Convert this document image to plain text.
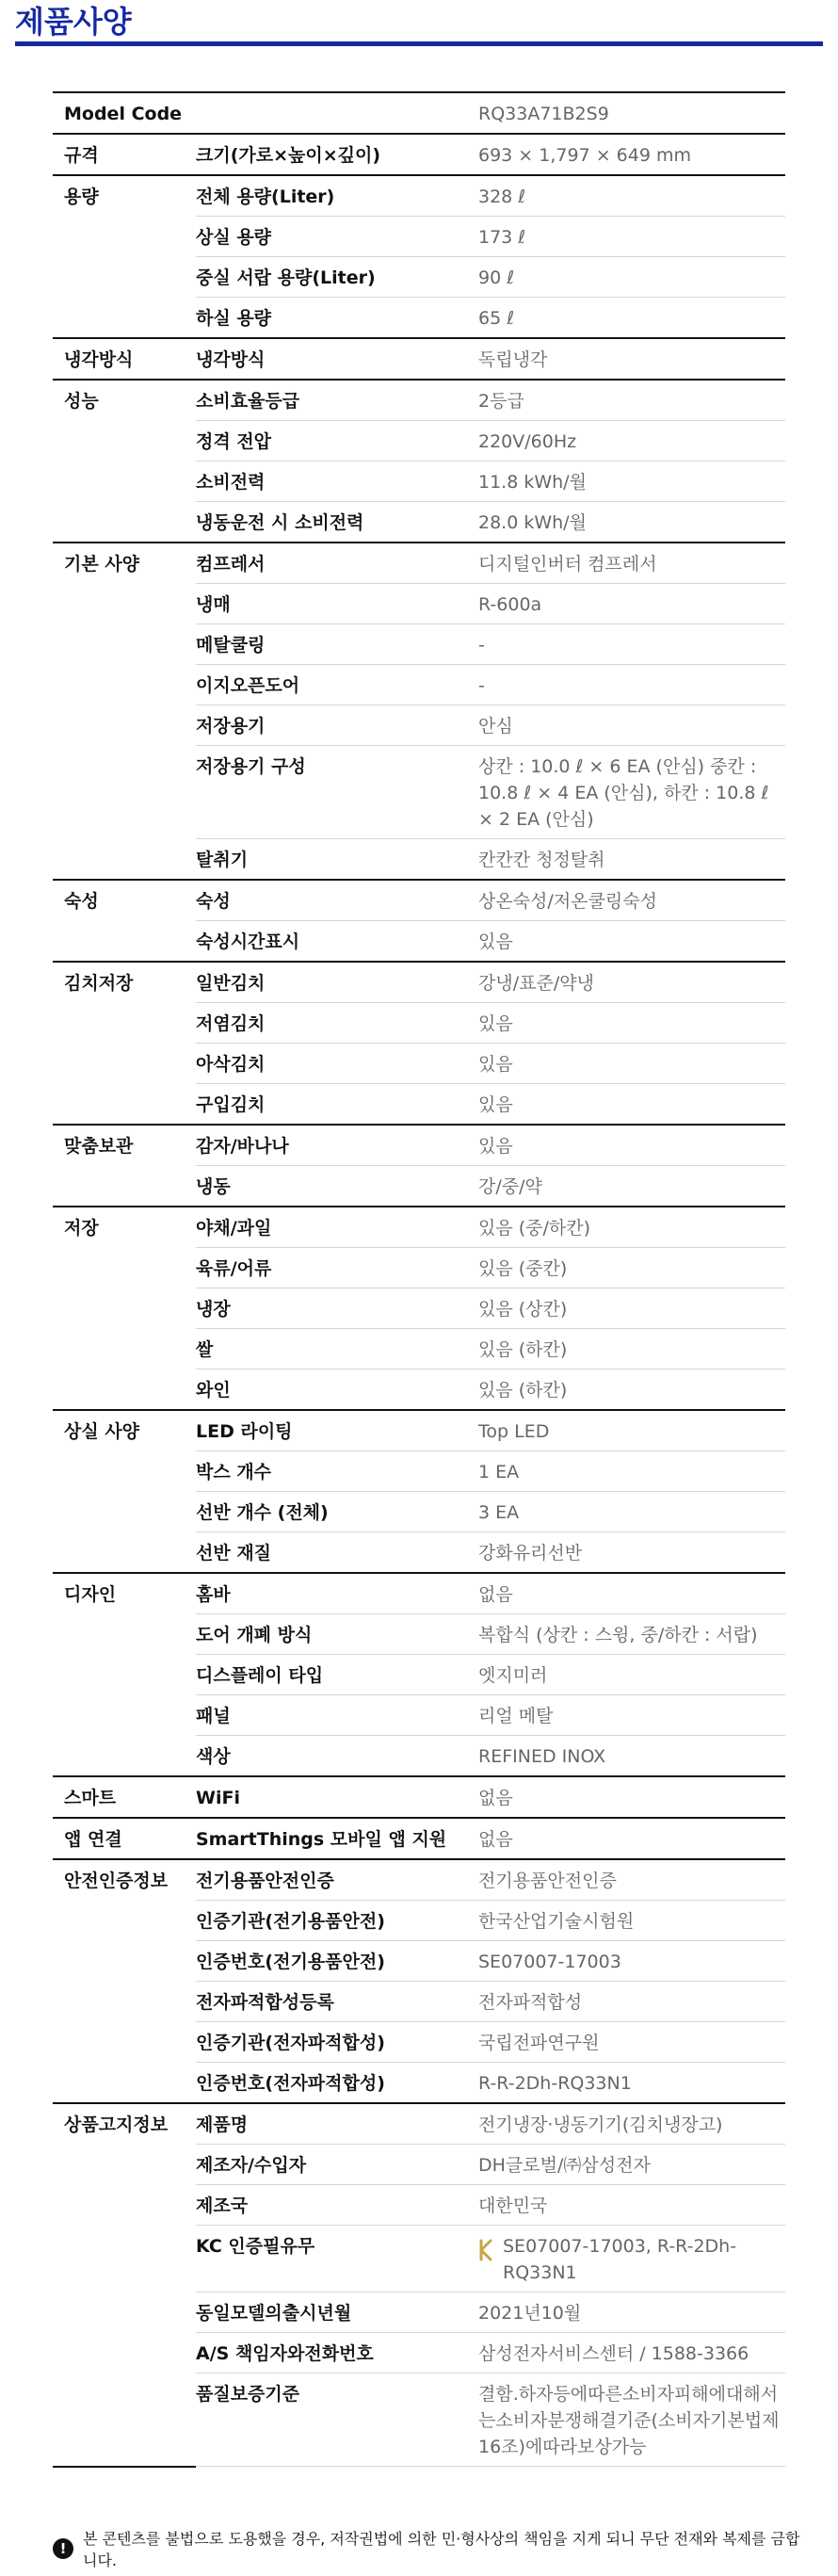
제품사양
Model Code		RQ33A71B2S9
규격	크기(가로×높이×깊이)	693 × 1,797 × 649 mm
용량	전체 용량(Liter)	328 ℓ
	상실 용량	173 ℓ
	중실 서랍 용량(Liter)	90 ℓ
	하실 용량	65 ℓ
냉각방식	냉각방식	독립냉각
성능	소비효율등급	2등급
	정격 전압	220V/60Hz
	소비전력	11.8 kWh/월
	냉동운전 시 소비전력	28.0 kWh/월
기본 사양	컴프레서	디지털인버터 컴프레서
	냉매	R-600a
	메탈쿨링	-
	이지오픈도어	-
	저장용기	안심
	저장용기 구성	상칸 : 10.0 ℓ × 6 EA (안심) 중칸 : 10.8 ℓ × 4 EA (안심), 하칸 : 10.8 ℓ × 2 EA (안심)
	탈취기	칸칸칸 청정탈취
숙성	숙성	상온숙성/저온쿨링숙성
	숙성시간표시	있음
김치저장	일반김치	강냉/표준/약냉
	저염김치	있음
	아삭김치	있음
	구입김치	있음
맞춤보관	감자/바나나	있음
	냉동	강/중/약
저장	야채/과일	있음 (중/하칸)
	육류/어류	있음 (중칸)
	냉장	있음 (상칸)
	쌀	있음 (하칸)
	와인	있음 (하칸)
상실 사양	LED 라이팅	Top LED
	박스 개수	1 EA
	선반 개수 (전체)	3 EA
	선반 재질	강화유리선반
디자인	홈바	없음
	도어 개폐 방식	복합식 (상칸 : 스윙, 중/하칸 : 서랍)
	디스플레이 타입	엣지미러
	패널	리얼 메탈
	색상	REFINED INOX
스마트	WiFi	없음
앱 연결	SmartThings 모바일 앱 지원	없음
안전인증정보	전기용품안전인증	전기용품안전인증
	인증기관(전기용품안전)	한국산업기술시험원
	인증번호(전기용품안전)	SE07007-17003
	전자파적합성등록	전자파적합성
	인증기관(전자파적합성)	국립전파연구원
	인증번호(전자파적합성)	R-R-2Dh-RQ33N1
상품고지정보	제품명	전기냉장·냉동기기(김치냉장고)
	제조자/수입자	DH글로벌/㈜삼성전자
	제조국	대한민국
	KC 인증필유무	SE07007-17003, R-R-2Dh-RQ33N1

	동일모델의출시년월	2021년10월
	A/S 책임자와전화번호	삼성전자서비스센터 / 1588-3366
	품질보증기준	결함.하자등에따른소비자피해에대해서는소비자분쟁해결기준(소비자기본법제16조)에따라보상가능
!
본 콘텐츠를 불법으로 도용했을 경우, 저작권법에 의한 민·형사상의 책임을 지게 되니 무단 전재와 복제를 금합니다.
